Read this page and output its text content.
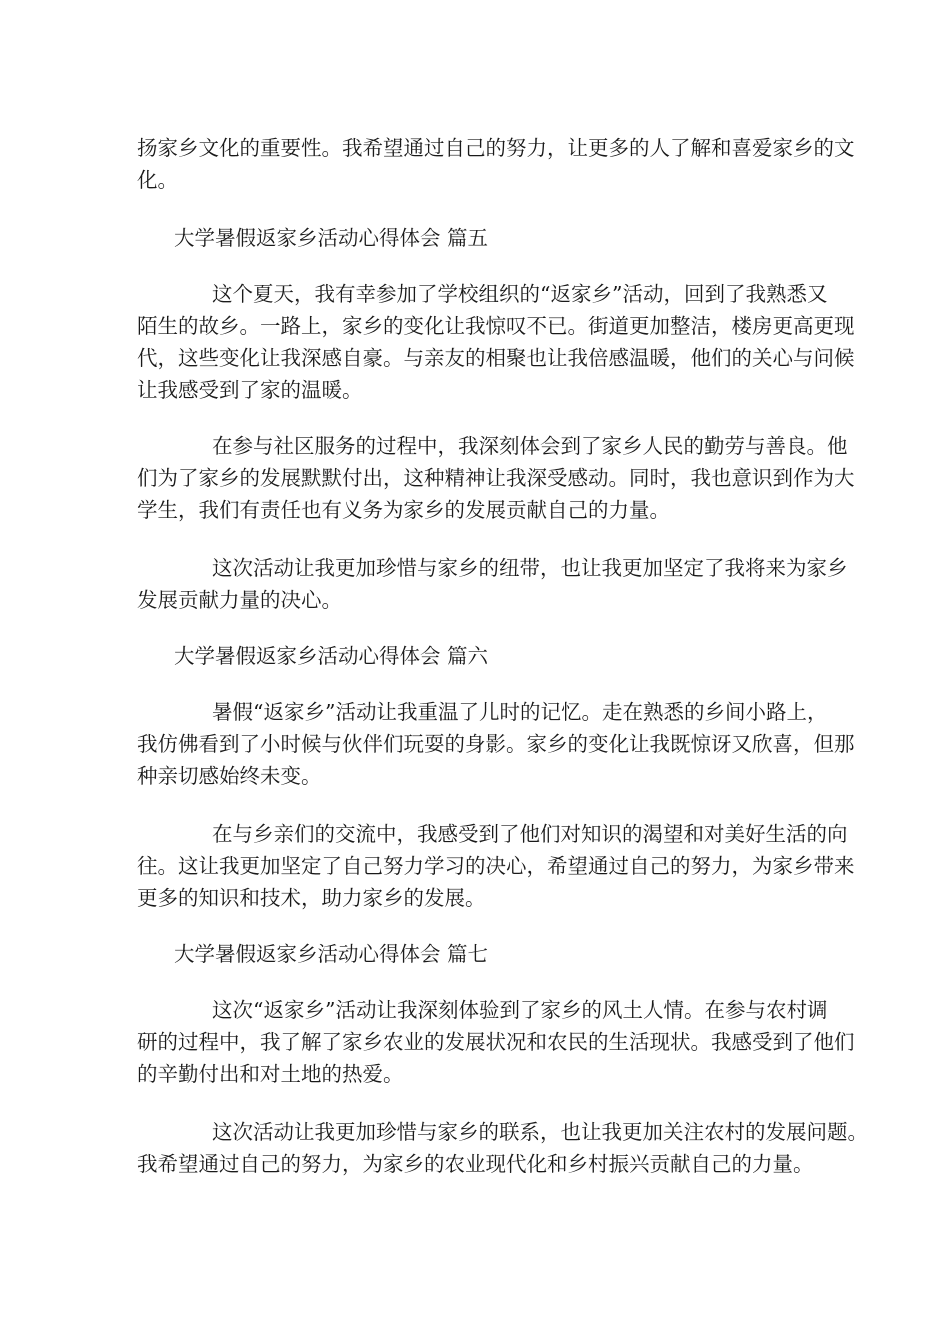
扬家乡文化的重要性。我希望通过自己的努力，让更多的人了解和喜爱家乡的文
化。
大学暑假返家乡活动心得体会 篇五
这个夏天，我有幸参加了学校组织的“返家乡”活动，回到了我熟悉又
陌生的故乡。一路上，家乡的变化让我惊叹不已。街道更加整洁，楼房更高更现
代，这些变化让我深感自豪。与亲友的相聚也让我倍感温暖，他们的关心与问候
让我感受到了家的温暖。
在参与社区服务的过程中，我深刻体会到了家乡人民的勤劳与善良。他
们为了家乡的发展默默付出，这种精神让我深受感动。同时，我也意识到作为大
学生，我们有责任也有义务为家乡的发展贡献自己的力量。
这次活动让我更加珍惜与家乡的纽带，也让我更加坚定了我将来为家乡
发展贡献力量的决心。
大学暑假返家乡活动心得体会 篇六
暑假“返家乡”活动让我重温了儿时的记忆。走在熟悉的乡间小路上，
我仿佛看到了小时候与伙伴们玩耍的身影。家乡的变化让我既惊讶又欣喜，但那
种亲切感始终未变。
在与乡亲们的交流中，我感受到了他们对知识的渴望和对美好生活的向
往。这让我更加坚定了自己努力学习的决心，希望通过自己的努力，为家乡带来
更多的知识和技术，助力家乡的发展。
大学暑假返家乡活动心得体会 篇七
这次“返家乡”活动让我深刻体验到了家乡的风土人情。在参与农村调
研的过程中，我了解了家乡农业的发展状况和农民的生活现状。我感受到了他们
的辛勤付出和对土地的热爱。
这次活动让我更加珍惜与家乡的联系，也让我更加关注农村的发展问题。
我希望通过自己的努力，为家乡的农业现代化和乡村振兴贡献自己的力量。
